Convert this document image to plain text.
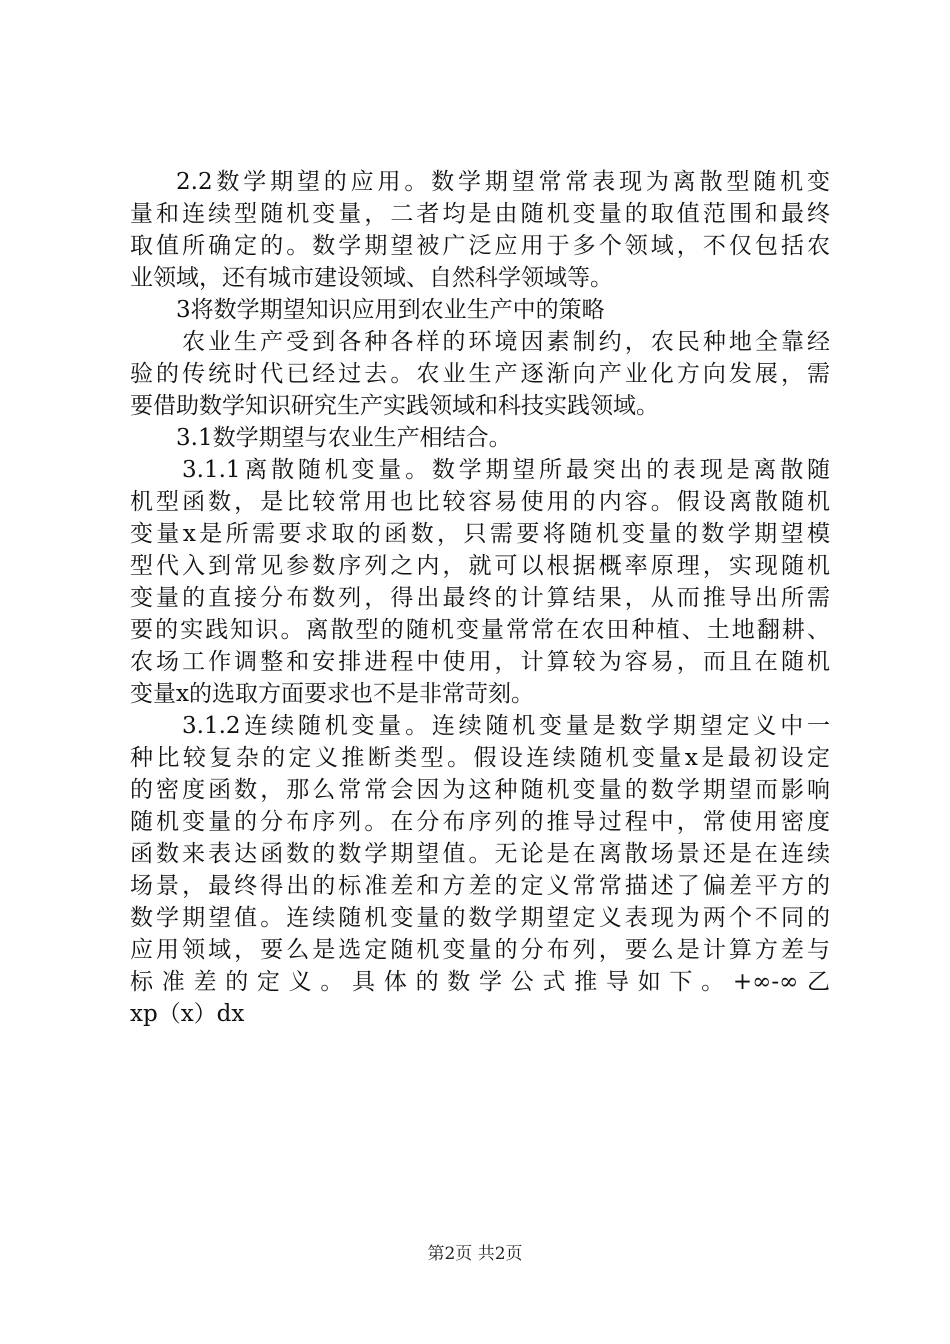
2.2数学期望的应用。数学期望常常表现为离散型随机变
量和连续型随机变量，二者均是由随机变量的取值范围和最终
取值所确定的。数学期望被广泛应用于多个领域，不仅包括农
业领域，还有城市建设领域、自然科学领域等。
3将数学期望知识应用到农业生产中的策略
农业生产受到各种各样的环境因素制约，农民种地全靠经
验的传统时代已经过去。农业生产逐渐向产业化方向发展，需
要借助数学知识研究生产实践领域和科技实践领域。
3.1数学期望与农业生产相结合。
3.1.1离散随机变量。数学期望所最突出的表现是离散随
机型函数，是比较常用也比较容易使用的内容。假设离散随机
变量x是所需要求取的函数，只需要将随机变量的数学期望模
型代入到常见参数序列之内，就可以根据概率原理，实现随机
变量的直接分布数列，得出最终的计算结果，从而推导出所需
要的实践知识。离散型的随机变量常常在农田种植、土地翻耕、
农场工作调整和安排进程中使用，计算较为容易，而且在随机
变量x的选取方面要求也不是非常苛刻。
3.1.2连续随机变量。连续随机变量是数学期望定义中一
种比较复杂的定义推断类型。假设连续随机变量x是最初设定
的密度函数，那么常常会因为这种随机变量的数学期望而影响
随机变量的分布序列。在分布序列的推导过程中，常使用密度
函数来表达函数的数学期望值。无论是在离散场景还是在连续
场景，最终得出的标准差和方差的定义常常描述了偏差平方的
数学期望值。连续随机变量的数学期望定义表现为两个不同的
应用领域，要么是选定随机变量的分布列，要么是计算方差与
标准差的定义。具体的数学公式推导如下。+∞-∞乙
xp（x）dx
第2页 共2页
